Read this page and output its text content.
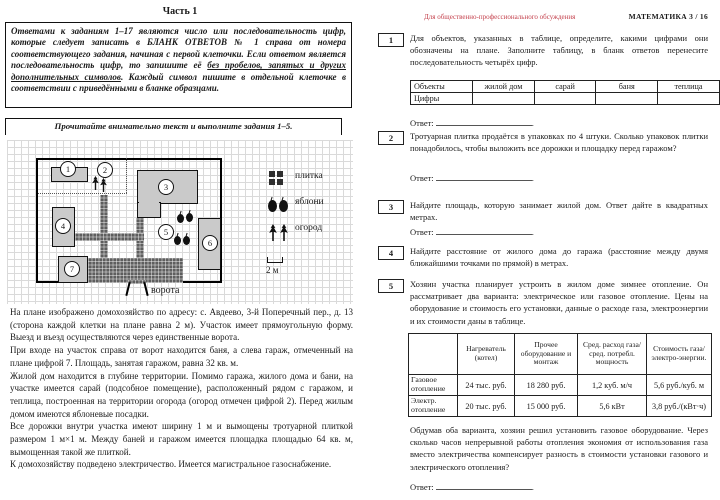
Часть 1
Ответами к заданиям 1–17 являются число или последовательность цифр, которые следует записать в БЛАНК ОТВЕТОВ № 1 справа от номера соответствующего задания, начиная с первой клеточки. Если ответом является последовательность цифр, то запишите её без пробелов, запятых и других дополнительных символов. Каждый символ пишите в отдельной клеточке в соответствии с приведёнными в бланке образцами.
Прочитайте внимательно текст и выполните задания 1–5.
1	2
3
4
5
6
7
ворота
плитка
яблони
огород
2 м

На плане изображено домохозяйство по адресу: с. Авдеево, 3-й Поперечный пер., д. 13 (сторона каждой клетки на плане равна 2 м). Участок имеет прямоугольную форму. Выезд и въезд осуществляются через единственные ворота.

При входе на участок справа от ворот находится баня, а слева гараж, отмеченный на плане цифрой 7. Площадь, занятая гаражом, равна 32 кв. м.

Жилой дом находится в глубине территории. Помимо гаража, жилого дома и бани, на участке имеется сарай (подсобное помещение), расположенный рядом с гаражом, и теплица, построенная на территории огорода (огород отмечен цифрой 2). Перед жилым домом имеются яблоневые посадки.

Все дорожки внутри участка имеют ширину 1 м и вымощены тротуарной плиткой размером 1 м×1 м. Между баней и гаражом имеется площадка площадью 64 кв. м, вымощенная такой же плиткой.

К домохозяйству подведено электричество. Имеется магистральное газоснабжение.

Для общественно-профессионального обсуждения	МАТЕМАТИКА 3 / 16
1	Для объектов, указанных в таблице, определите, какими цифрами они обозначены на плане. Заполните таблицу, в бланк ответов перенесите последовательность четырёх цифр.
Объекты	жилой дом	сарай	баня	теплица
Цифры				
Ответ:	.
2	Тротуарная плитка продаётся в упаковках по 4 штуки. Сколько упаковок плитки понадобилось, чтобы выложить все дорожки и площадку перед гаражом?
Ответ:	.
3	Найдите площадь, которую занимает жилой дом. Ответ дайте в квадратных метрах.
Ответ:	.
4	Найдите расстояние от жилого дома до гаража (расстояние между двумя ближайшими точками по прямой) в метрах.
5	Хозяин участка планирует устроить в жилом доме зимнее отопление. Он рассматривает два варианта: электрическое или газовое отопление. Цены на оборудование и стоимость его установки, данные о расходе газа, электроэнергии и их стоимости даны в таблице.
	Нагреватель (котел)	Прочее оборудование и монтаж	Сред. расход газа/ сред. потребл. мощность	Стоимость газа/электро-энергии.
Газовое отопление	24 тыс. руб.	18 280 руб.	1,2 куб. м/ч	5,6 руб./куб. м
Электр. отопление	20 тыс. руб.	15 000 руб.	5,6 кВт	3,8 руб./(кВт·ч)
Обдумав оба варианта, хозяин решил установить газовое оборудование. Через сколько часов непрерывной работы отопления экономия от использования газа вместо электричества компенсирует разность в стоимости установки газового и электрического отопления?
Ответ:	.
